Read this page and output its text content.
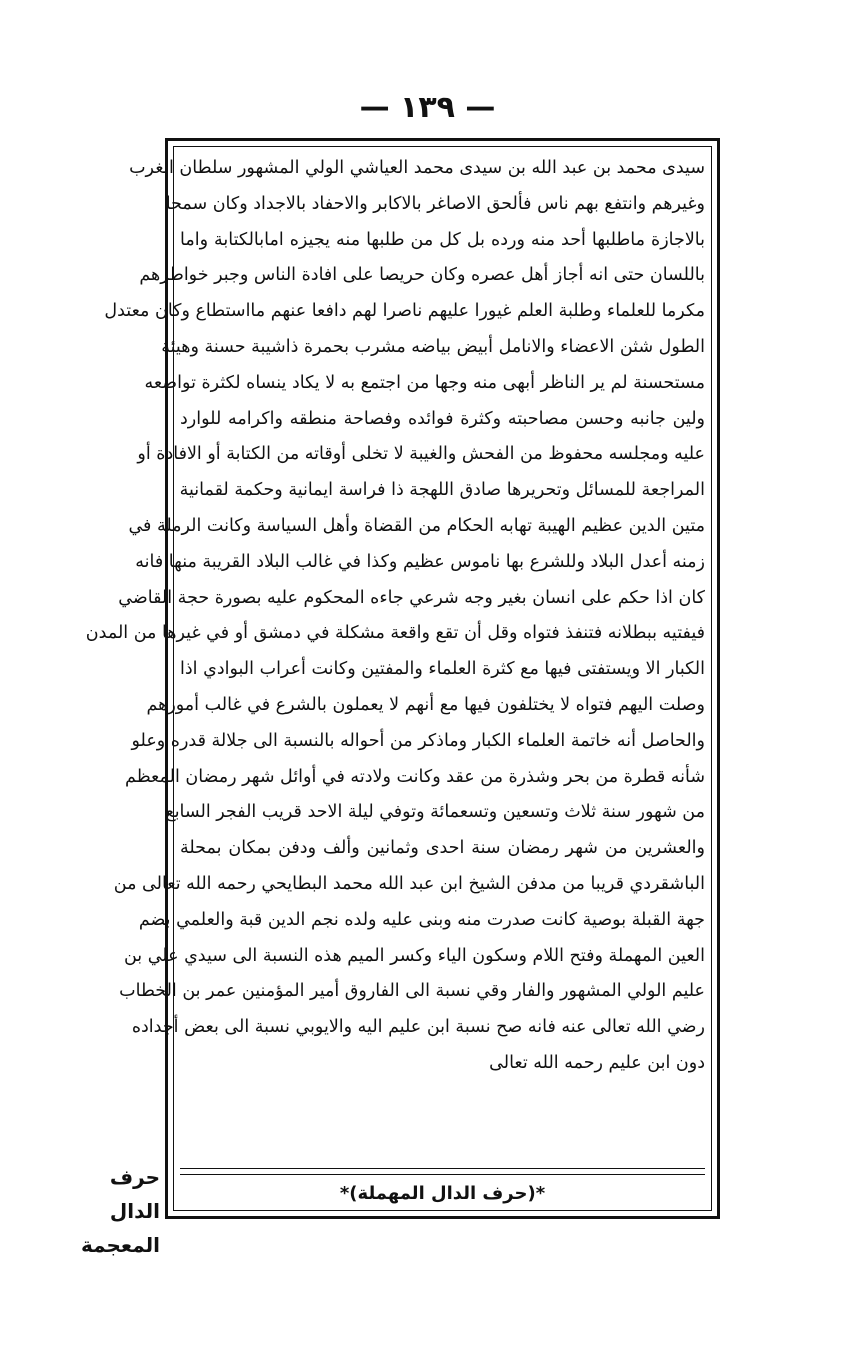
— ١٣٩ —
سيدى محمد بن عبد الله بن سيدى محمد العياشي الولي المشهور سلطان الغرب
وغيرهم وانتفع بهم ناس فألحق الاصاغر بالاكابر والاحفاد بالاجداد وكان سمحا
بالاجازة ماطلبها أحد منه ورده بل كل من طلبها منه يجيزه امابالكتابة واما
باللسان حتى انه أجاز أهل عصره وكان حريصا على افادة الناس وجبر خواطرهم
مكرما للعلماء وطلبة العلم غيورا عليهم ناصرا لهم دافعا عنهم مااستطاع وكان معتدل
الطول شثن الاعضاء والانامل أبيض بياضه مشرب بحمرة ذاشيبة حسنة وهيئة
مستحسنة لم ير الناظر أبهى منه وجها من اجتمع به لا يكاد ينساه لكثرة تواضعه
ولين جانبه وحسن مصاحبته وكثرة فوائده وفصاحة منطقه واكرامه للوارد
عليه ومجلسه محفوظ من الفحش والغيبة لا تخلى أوقاته من الكتابة أو الافادة أو
المراجعة للمسائل وتحريرها صادق اللهجة ذا فراسة ايمانية وحكمة لقمانية
متين الدين عظيم الهيبة تهابه الحكام من القضاة وأهل السياسة وكانت الرملة في
زمنه أعدل البلاد وللشرع بها ناموس عظيم وكذا في غالب البلاد القريبة منها فانه
كان اذا حكم على انسان بغير وجه شرعي جاءه المحكوم عليه بصورة حجة القاضي
فيفتيه ببطلانه فتنفذ فتواه وقل أن تقع واقعة مشكلة في دمشق أو في غيرها من المدن
الكبار الا ويستفتى فيها مع كثرة العلماء والمفتين وكانت أعراب البوادي اذا
وصلت اليهم فتواه لا يختلفون فيها مع أنهم لا يعملون بالشرع في غالب أمورهم
والحاصل أنه خاتمة العلماء الكبار وماذكر من أحواله بالنسبة الى جلالة قدره وعلو
شأنه قطرة من بحر وشذرة من عقد وكانت ولادته في أوائل شهر رمضان المعظم
من شهور سنة ثلاث وتسعين وتسعمائة وتوفي ليلة الاحد قريب الفجر السابع
والعشرين من شهر رمضان سنة احدى وثمانين وألف ودفن بمكان بمحلة
الباشقردي قريبا من مدفن الشيخ ابن عبد الله محمد البطايحي رحمه الله تعالى من
جهة القبلة بوصية كانت صدرت منه وبنى عليه ولده نجم الدين قبة والعلمي بضم
العين المهملة وفتح اللام وسكون الياء وكسر الميم هذه النسبة الى سيدي علي بن
عليم الولي المشهور والفار وقي نسبة الى الفاروق أمير المؤمنين عمر بن الخطاب
رضي الله تعالى عنه فانه صح نسبة ابن عليم اليه والايوبي نسبة الى بعض أجداده
دون ابن عليم رحمه الله تعالى
*(حرف الدال المهملة)*
حرف الدال المعجمة
